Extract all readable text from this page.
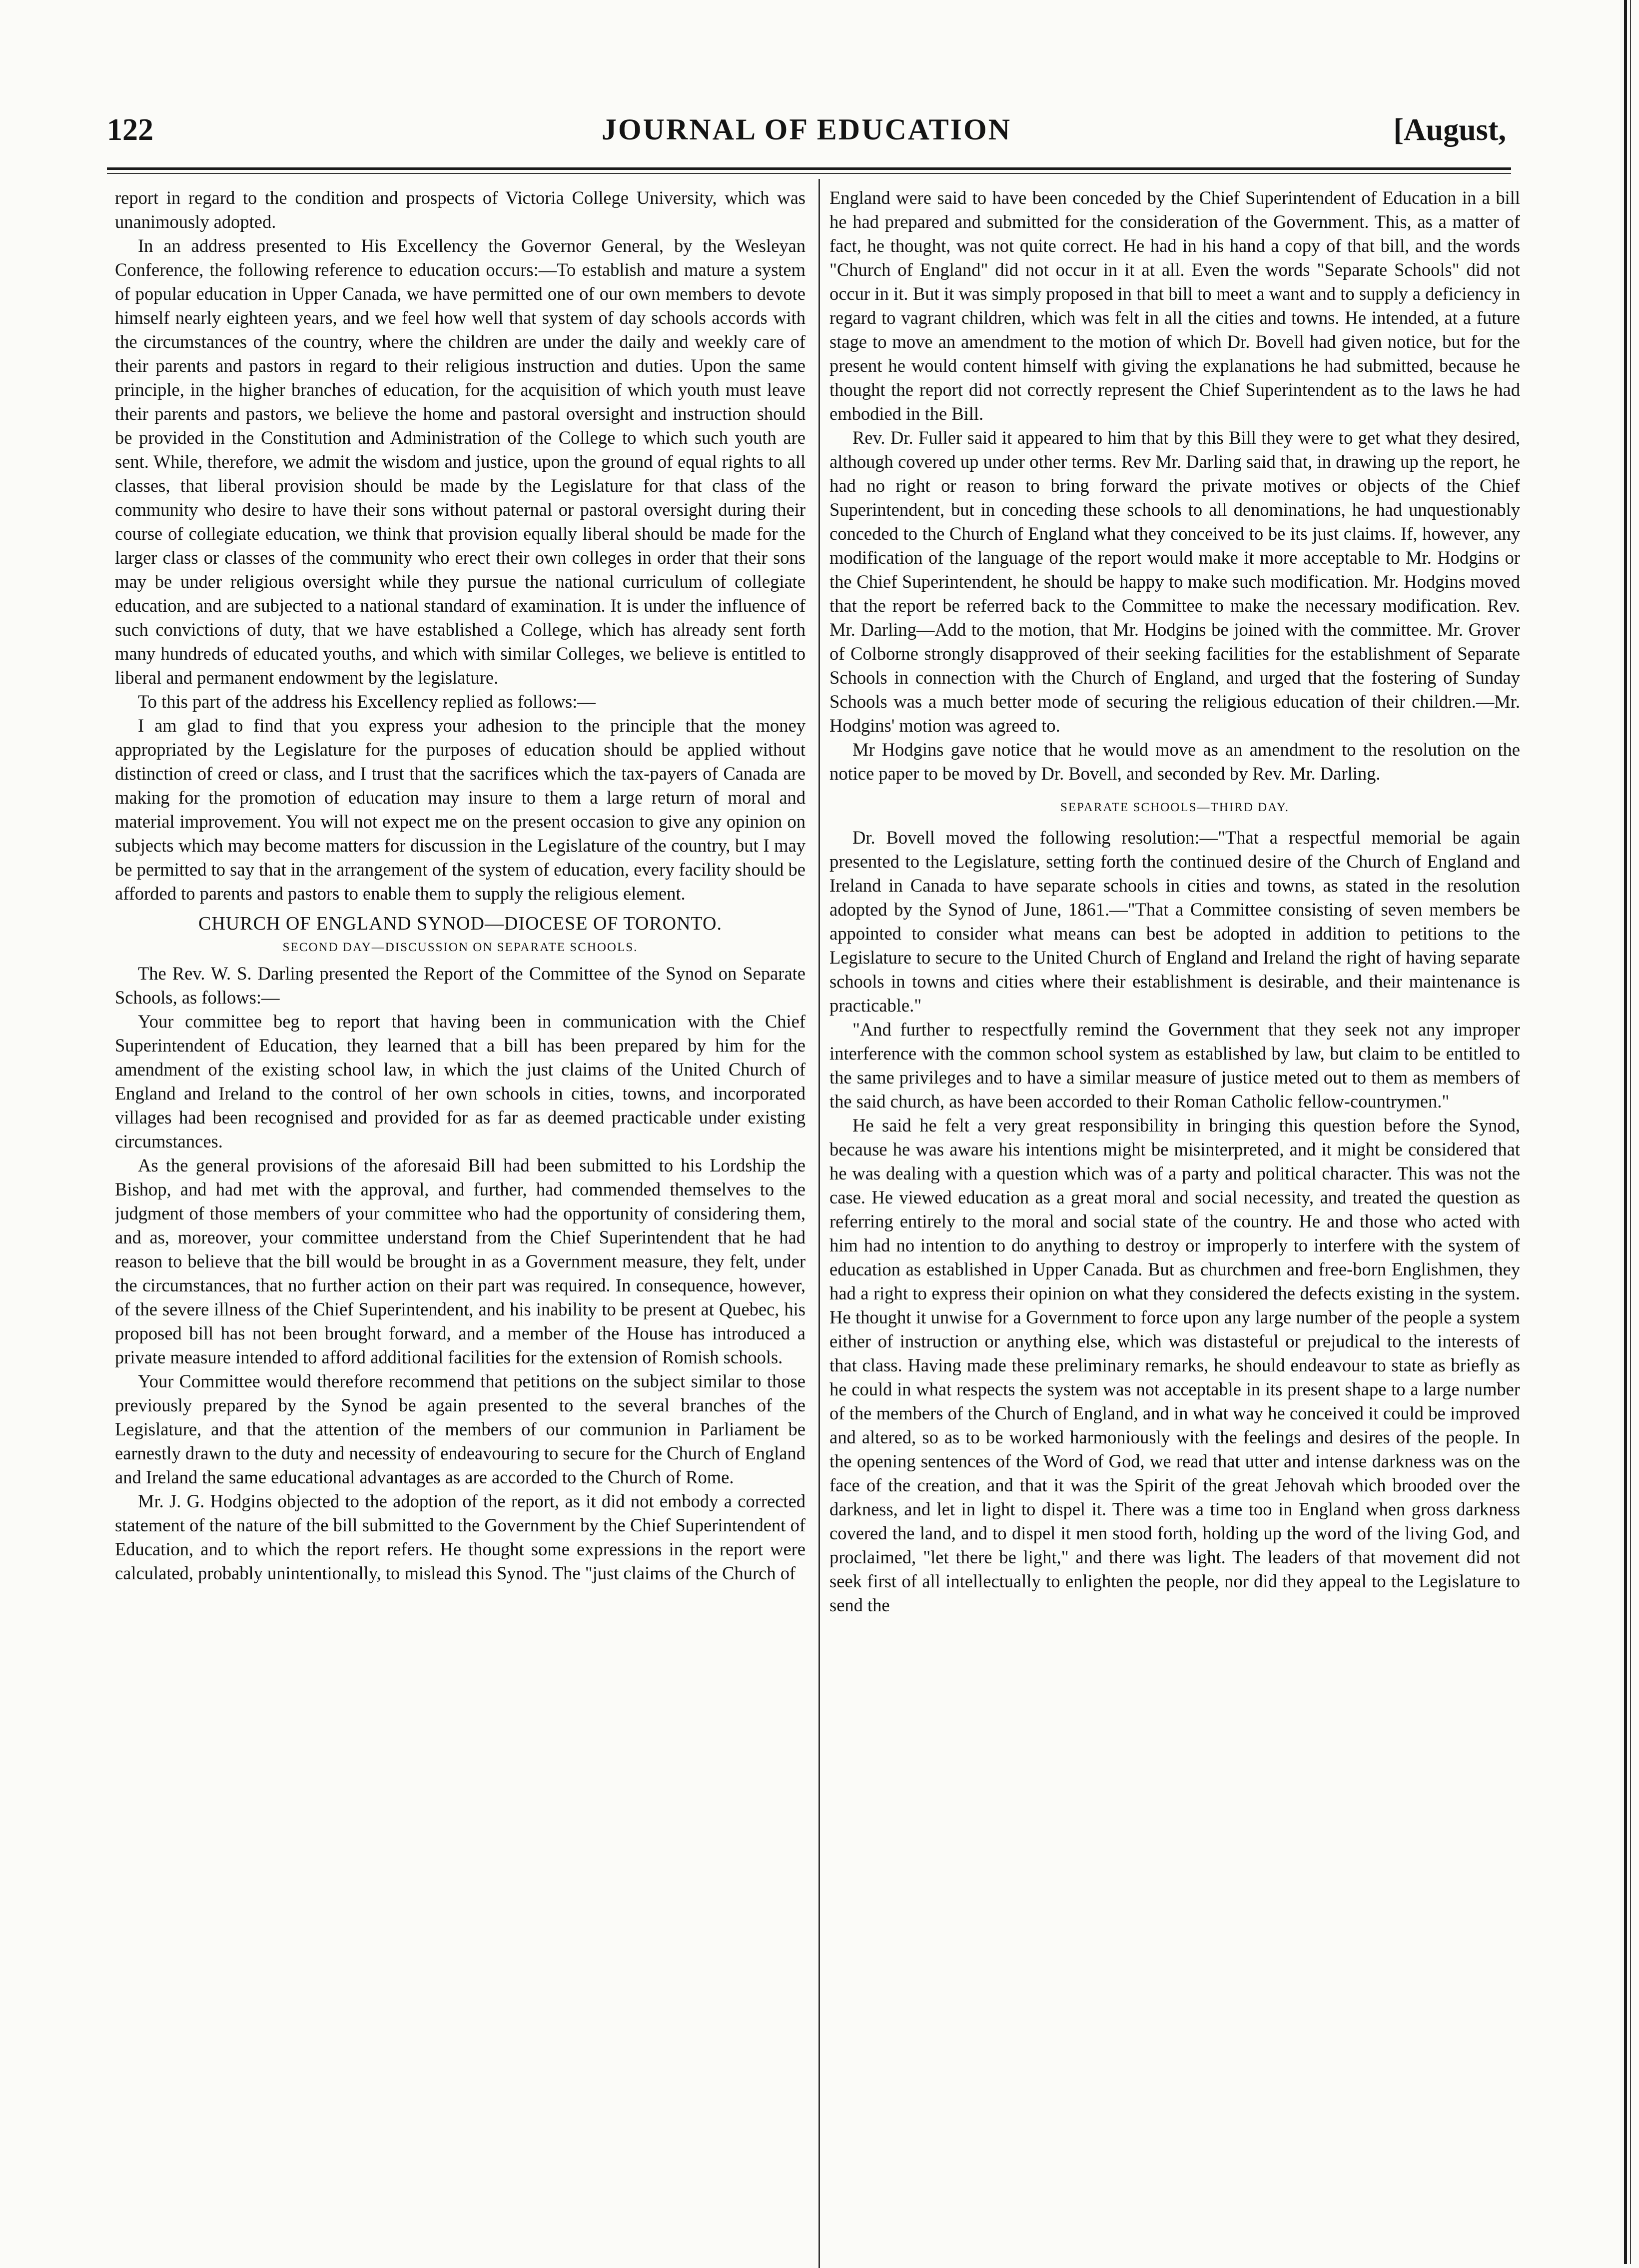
122	JOURNAL OF EDUCATION	[August,

report in regard to the condition and prospects of Victoria College University, which was unanimously adopted.

In an address presented to His Excellency the Governor General, by the Wesleyan Conference, the following reference to education occurs:—To establish and mature a system of popular education in Upper Canada, we have permitted one of our own members to devote himself nearly eighteen years, and we feel how well that system of day schools accords with the circumstances of the country, where the children are under the daily and weekly care of their parents and pastors in regard to their religious instruction and duties. Upon the same principle, in the higher branches of education, for the acquisition of which youth must leave their parents and pastors, we believe the home and pastoral oversight and instruction should be provided in the Constitution and Administration of the College to which such youth are sent. While, therefore, we admit the wisdom and justice, upon the ground of equal rights to all classes, that liberal provision should be made by the Legislature for that class of the community who desire to have their sons without paternal or pastoral oversight during their course of collegiate education, we think that provision equally liberal should be made for the larger class or classes of the community who erect their own colleges in order that their sons may be under religious oversight while they pursue the national curriculum of collegiate education, and are subjected to a national standard of examination. It is under the influence of such convictions of duty, that we have established a College, which has already sent forth many hundreds of educated youths, and which with similar Colleges, we believe is entitled to liberal and permanent endowment by the legislature.

To this part of the address his Excellency replied as follows:—

I am glad to find that you express your adhesion to the principle that the money appropriated by the Legislature for the purposes of education should be applied without distinction of creed or class, and I trust that the sacrifices which the tax-payers of Canada are making for the promotion of education may insure to them a large return of moral and material improvement. You will not expect me on the present occasion to give any opinion on subjects which may become matters for discussion in the Legislature of the country, but I may be permitted to say that in the arrangement of the system of education, every facility should be afforded to parents and pastors to enable them to supply the religious element.

CHURCH OF ENGLAND SYNOD—DIOCESE OF TORONTO.
SECOND DAY—DISCUSSION ON SEPARATE SCHOOLS.

The Rev. W. S. Darling presented the Report of the Committee of the Synod on Separate Schools, as follows:—

Your committee beg to report that having been in communication with the Chief Superintendent of Education, they learned that a bill has been prepared by him for the amendment of the existing school law, in which the just claims of the United Church of England and Ireland to the control of her own schools in cities, towns, and incorporated villages had been recognised and provided for as far as deemed practicable under existing circumstances.

As the general provisions of the aforesaid Bill had been submitted to his Lordship the Bishop, and had met with the approval, and further, had commended themselves to the judgment of those members of your committee who had the opportunity of considering them, and as, moreover, your committee understand from the Chief Superintendent that he had reason to believe that the bill would be brought in as a Government measure, they felt, under the circumstances, that no further action on their part was required. In consequence, however, of the severe illness of the Chief Superintendent, and his inability to be present at Quebec, his proposed bill has not been brought forward, and a member of the House has introduced a private measure intended to afford additional facilities for the extension of Romish schools.

Your Committee would therefore recommend that petitions on the subject similar to those previously prepared by the Synod be again presented to the several branches of the Legislature, and that the attention of the members of our communion in Parliament be earnestly drawn to the duty and necessity of endeavouring to secure for the Church of England and Ireland the same educational advantages as are accorded to the Church of Rome.

Mr. J. G. Hodgins objected to the adoption of the report, as it did not embody a corrected statement of the nature of the bill submitted to the Government by the Chief Superintendent of Education, and to which the report refers. He thought some expressions in the report were calculated, probably unintentionally, to mislead this Synod. The "just claims of the Church of

England were said to have been conceded by the Chief Superintendent of Education in a bill he had prepared and submitted for the consideration of the Government. This, as a matter of fact, he thought, was not quite correct. He had in his hand a copy of that bill, and the words "Church of England" did not occur in it at all. Even the words "Separate Schools" did not occur in it. But it was simply proposed in that bill to meet a want and to supply a deficiency in regard to vagrant children, which was felt in all the cities and towns. He intended, at a future stage to move an amendment to the motion of which Dr. Bovell had given notice, but for the present he would content himself with giving the explanations he had submitted, because he thought the report did not correctly represent the Chief Superintendent as to the laws he had embodied in the Bill.

Rev. Dr. Fuller said it appeared to him that by this Bill they were to get what they desired, although covered up under other terms. Rev Mr. Darling said that, in drawing up the report, he had no right or reason to bring forward the private motives or objects of the Chief Superintendent, but in conceding these schools to all denominations, he had unquestionably conceded to the Church of England what they conceived to be its just claims. If, however, any modification of the language of the report would make it more acceptable to Mr. Hodgins or the Chief Superintendent, he should be happy to make such modification. Mr. Hodgins moved that the report be referred back to the Committee to make the necessary modification. Rev. Mr. Darling—Add to the motion, that Mr. Hodgins be joined with the committee. Mr. Grover of Colborne strongly disapproved of their seeking facilities for the establishment of Separate Schools in connection with the Church of England, and urged that the fostering of Sunday Schools was a much better mode of securing the religious education of their children.—Mr. Hodgins' motion was agreed to.

Mr Hodgins gave notice that he would move as an amendment to the resolution on the notice paper to be moved by Dr. Bovell, and seconded by Rev. Mr. Darling.

SEPARATE SCHOOLS—THIRD DAY.

Dr. Bovell moved the following resolution:—"That a respectful memorial be again presented to the Legislature, setting forth the continued desire of the Church of England and Ireland in Canada to have separate schools in cities and towns, as stated in the resolution adopted by the Synod of June, 1861.—"That a Committee consisting of seven members be appointed to consider what means can best be adopted in addition to petitions to the Legislature to secure to the United Church of England and Ireland the right of having separate schools in towns and cities where their establishment is desirable, and their maintenance is practicable."

"And further to respectfully remind the Government that they seek not any improper interference with the common school system as established by law, but claim to be entitled to the same privileges and to have a similar measure of justice meted out to them as members of the said church, as have been accorded to their Roman Catholic fellow-countrymen."

He said he felt a very great responsibility in bringing this question before the Synod, because he was aware his intentions might be misinterpreted, and it might be considered that he was dealing with a question which was of a party and political character. This was not the case. He viewed education as a great moral and social necessity, and treated the question as referring entirely to the moral and social state of the country. He and those who acted with him had no intention to do anything to destroy or improperly to interfere with the system of education as established in Upper Canada. But as churchmen and free-born Englishmen, they had a right to express their opinion on what they considered the defects existing in the system. He thought it unwise for a Government to force upon any large number of the people a system either of instruction or anything else, which was distasteful or prejudical to the interests of that class. Having made these preliminary remarks, he should endeavour to state as briefly as he could in what respects the system was not acceptable in its present shape to a large number of the members of the Church of England, and in what way he conceived it could be improved and altered, so as to be worked harmoniously with the feelings and desires of the people. In the opening sentences of the Word of God, we read that utter and intense darkness was on the face of the creation, and that it was the Spirit of the great Jehovah which brooded over the darkness, and let in light to dispel it. There was a time too in England when gross darkness covered the land, and to dispel it men stood forth, holding up the word of the living God, and proclaimed, "let there be light," and there was light. The leaders of that movement did not seek first of all intellectually to enlighten the people, nor did they appeal to the Legislature to send the
